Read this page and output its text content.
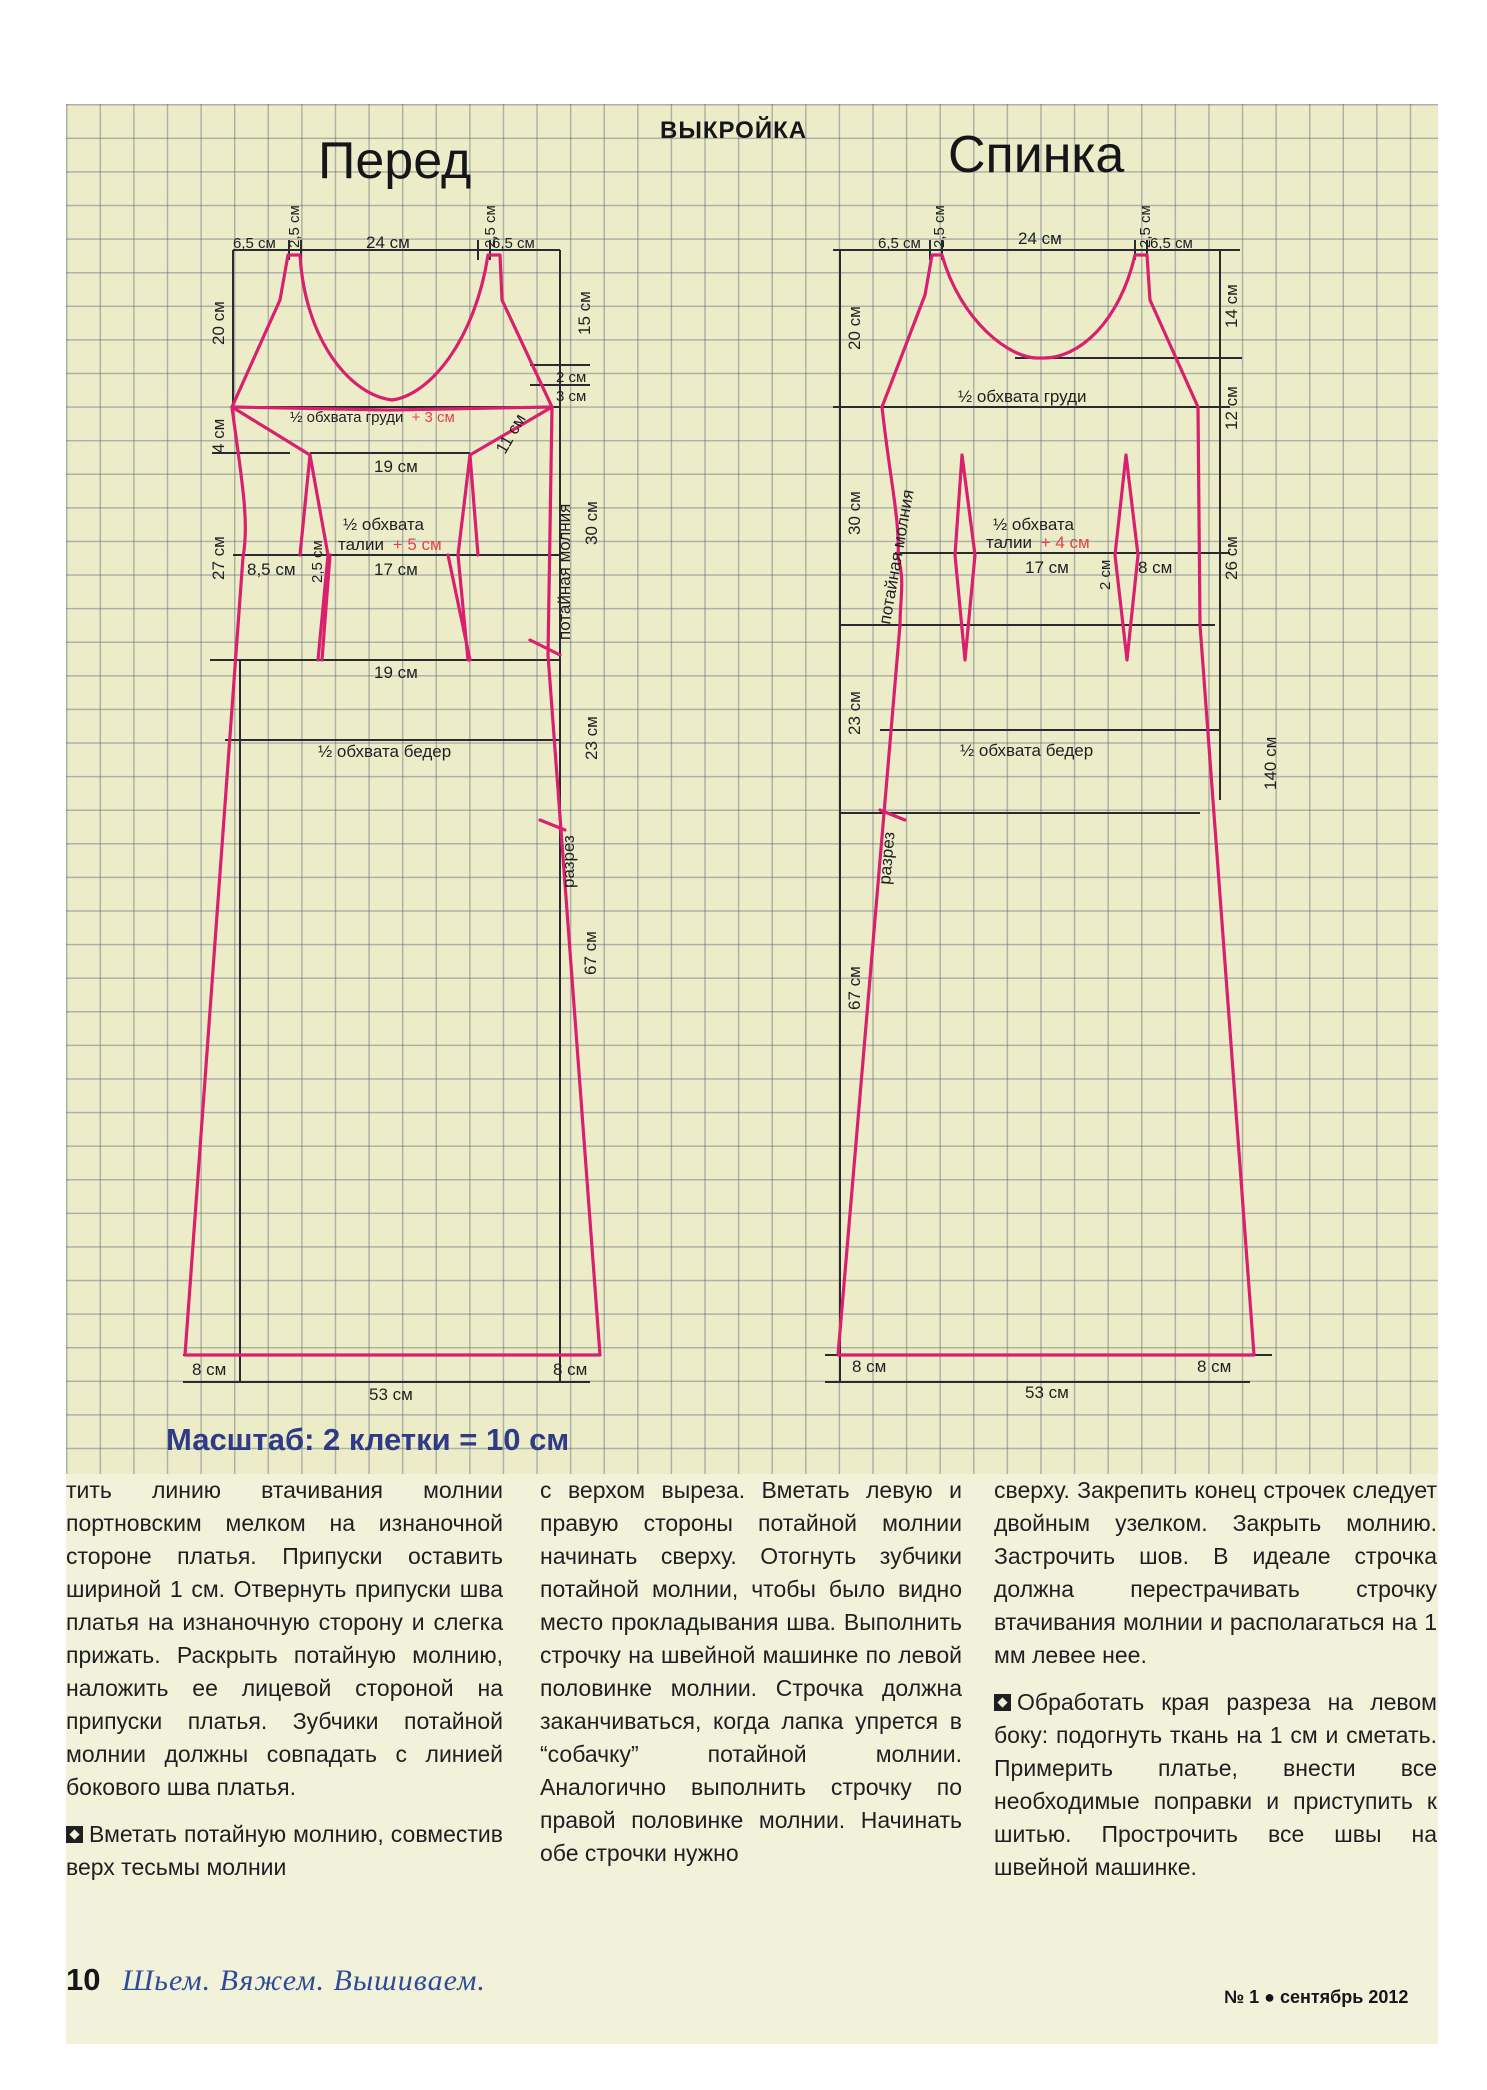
Перед
ВЫКРОЙКА	Спинка
6,5 см 2,5 см	24 см	2,5 см
6,5 см
20 см	15 см
2 см
3 см
4 см	11 см
½ обхвата груди + 3 см
19 см
½ обхвата
талии + 5 см
27 см 8,5 см 2,5 см	17 см
30 см
потайная молния
19 см
23 см
½ обхвата бедер
разрез
67 см
8 см	8 см
53 см
6,5 см 2,5 см	24 см	2,5 см
6,5 см
20 см
14 см
½ обхвата груди	12 см
30 см потайная молния	½ обхвата
талии + 4 см
17 см 2 см 8 см	26 см
23 см
½ обхвата бедер	140 см
разрез
67 см
8 см	8 см
53 см
Масштаб: 2 клетки = 10 см

тить линию втачивания молнии портновским мелком на изнаночной стороне платья. Припуски оставить шириной 1 см. Отвернуть припуски шва платья на изнаночную сторону и слегка прижать. Раскрыть потайную молнию, наложить ее лицевой стороной на припуски платья. Зубчики потайной молнии должны совпадать с линией бокового шва платья.

Вметать потайную молнию, совместив верх тесьмы молнии

с верхом выреза. Вметать левую и правую стороны потайной молнии начинать сверху. Отогнуть зубчики потайной молнии, чтобы было видно место прокладывания шва. Выполнить строчку на швейной машинке по левой половинке молнии. Строчка должна заканчиваться, когда лапка упрется в “собачку” потайной молнии. Аналогично выполнить строчку по правой половинке молнии. Начинать обе строчки нужно

сверху. Закрепить конец строчек следует двойным узелком. Закрыть молнию. Застрочить шов. В идеале строчка должна перестрачивать строчку втачивания молнии и располагаться на 1 мм левее нее.

Обработать края разреза на левом боку: подогнуть ткань на 1 см и сметать. Примерить платье, внести все необходимые поправки и приступить к шитью. Прострочить все швы на швейной машинке.

10 Шьем. Вяжем. Вышиваем.	№ 1 ● сентябрь 2012
